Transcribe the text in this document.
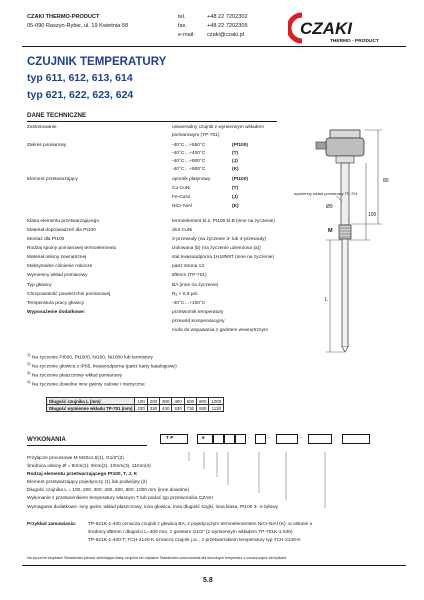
CZAKI THERMO-PRODUCT
05-090 Raszyn-Rybie, ul. 19 Kwietnia 58
tel.	+48 22 7202302
fax.	+48 22 7202305
e-mail: czaki@czaki.pl	CZAKI
THERMO - PRODUCT
CZUJNIK TEMPERATURY
typ 611, 612, 613, 614
typ 621, 622, 623, 624
DANE TECHNICZNE
Zastosowanie	uniwersalny czujnik z wymiennym wkładem
pomiarowym (TP-701)
Zakres pomiarowy	-40°C…+550°C	(Pt100)
-40°C…+400°C	(T)
-40°C…+800°C	(J)
-40°C…+900°C	(K)
Element przetwarzający	opornik platynowy	(Pt100)
Cu-CuNi	(T)
Fe-CuNi	(J)
NiCr-NiAl	(K)
Klasa elementu przetwarzającego	termoelement kl.2, Pt100 kl.B (inne na życzenie)
Materiał doprowadzeń dla Pt100	drut CuNi
Montaż dla Pt100	2-przewody (na życzenie 3- lub 4-przewody)
Rodzaj spoiny pomiarowej termoelementu	izolowana (b) (na życzenie uziemiona (a))
Materiał osłony zewnętrznej	stal kwasoodporna 1H18N9T (inne na życzenie)
Maksymalne ciśnienie robocze	patrz strona 13
Wymienny wkład pomiarowy	Ø6mm (TP-701)
Typ głowicy	BA (inne na życzenie)
Chropowatość powierzchni pomiarowej	Rₐ < 0,8 μm.
Temperatura pracy głowicy	-40°C…+100°C
Wyposażenie dodatkowe:	przetwornik temperatury
przewód kompensacyjny
mufa do wspawania z gwintem wewnętrznym
80
100
L
M
wymienny wkład pomiarowy TP-701
Ø9
$^{1)}$ Na życzenie Pt500, Pt1000, Ni100, Ni1000 lub termistory
$^{2)}$ Na życzenie głowica z IP65, kwasoodporna (patrz karty katalogowe)
$^{3)}$ Na życzenie płaszczowy wkład pomiarowy
$^{4)}$ Na życzenie dowolne inne gwinty calowe i metryczne
Długość czujnika L (mm)	100	200	300	400	600	800	1000
Długość wymienne wkładu TP-701 (mm)	230	330	430	530	730	930	1130
WYKONANIA	T P	- 6	-	-	-	-
Przyłącze procesowe M M20x1,5(1), G1/2"(2)
Średnica osłony Ø = 8mm(1), 9mm(2), 10mm(3), 11mm(4)
Rodzaj elementu przetwarzającego Pt100, T, J, K
Element przetwarzający pojedynczy (1) lub podwójny (2)
Długość czujnika L = 100, 200, 300, 400, 600, 800, 1000 mm (inne dowolne)
Wykonanie z przetwornikiem temperatury własnym T lub podać typ przetwornika CZAKI
Wymaganie dodatkowe: inny gwint, wkład płaszczowy, inna głowica, inna długość szyjki, inna klasa, Pt100 3- 4-żyłowy
Przykład zamawiania: TP-621K-1-400 oznacza czujnik z głowicą BA, z pojedynczym termoelementem NiCr-NiAl (K), w osłonie o
średnicy Ø8mm i długości L=400 mm, z gwintem G1/2" (z wymiennym wkładem TP-701K-1-530)
TP-621K-1-400-T; TCH-2140-K oznacza czujnik j.w. , z przetwornikiem temperatury typ TCH-2140-K
Na życzenie bezpłatne Świadectwo jakości określające klasę czujnika lub odpłatne Świadectwo wzorcowania dla dowolnych temperatur z oznaczonymi odchyłkami
5.8
